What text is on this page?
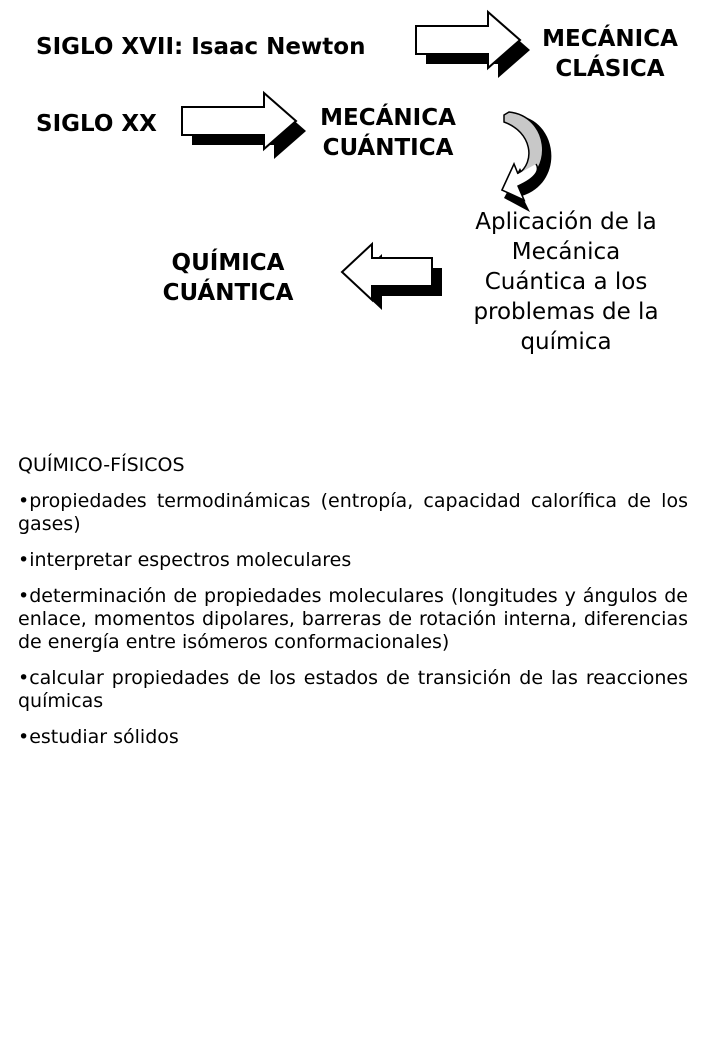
SIGLO XVII: Isaac Newton	MECÁNICA
CLÁSICA
SIGLO XX	MECÁNICA
CUÁNTICA
Aplicación de la
Mecánica
Cuántica a los
problemas de la
química
QUÍMICA
CUÁNTICA
QUÍMICO-FÍSICOS
•propiedades termodinámicas (entropía, capacidad calorífica de los gases)
•interpretar espectros moleculares
•determinación de propiedades moleculares (longitudes y ángulos de enlace, momentos dipolares, barreras de rotación interna, diferencias de energía entre isómeros conformacionales)
•calcular propiedades de los estados de transición de las reacciones químicas
•estudiar sólidos
